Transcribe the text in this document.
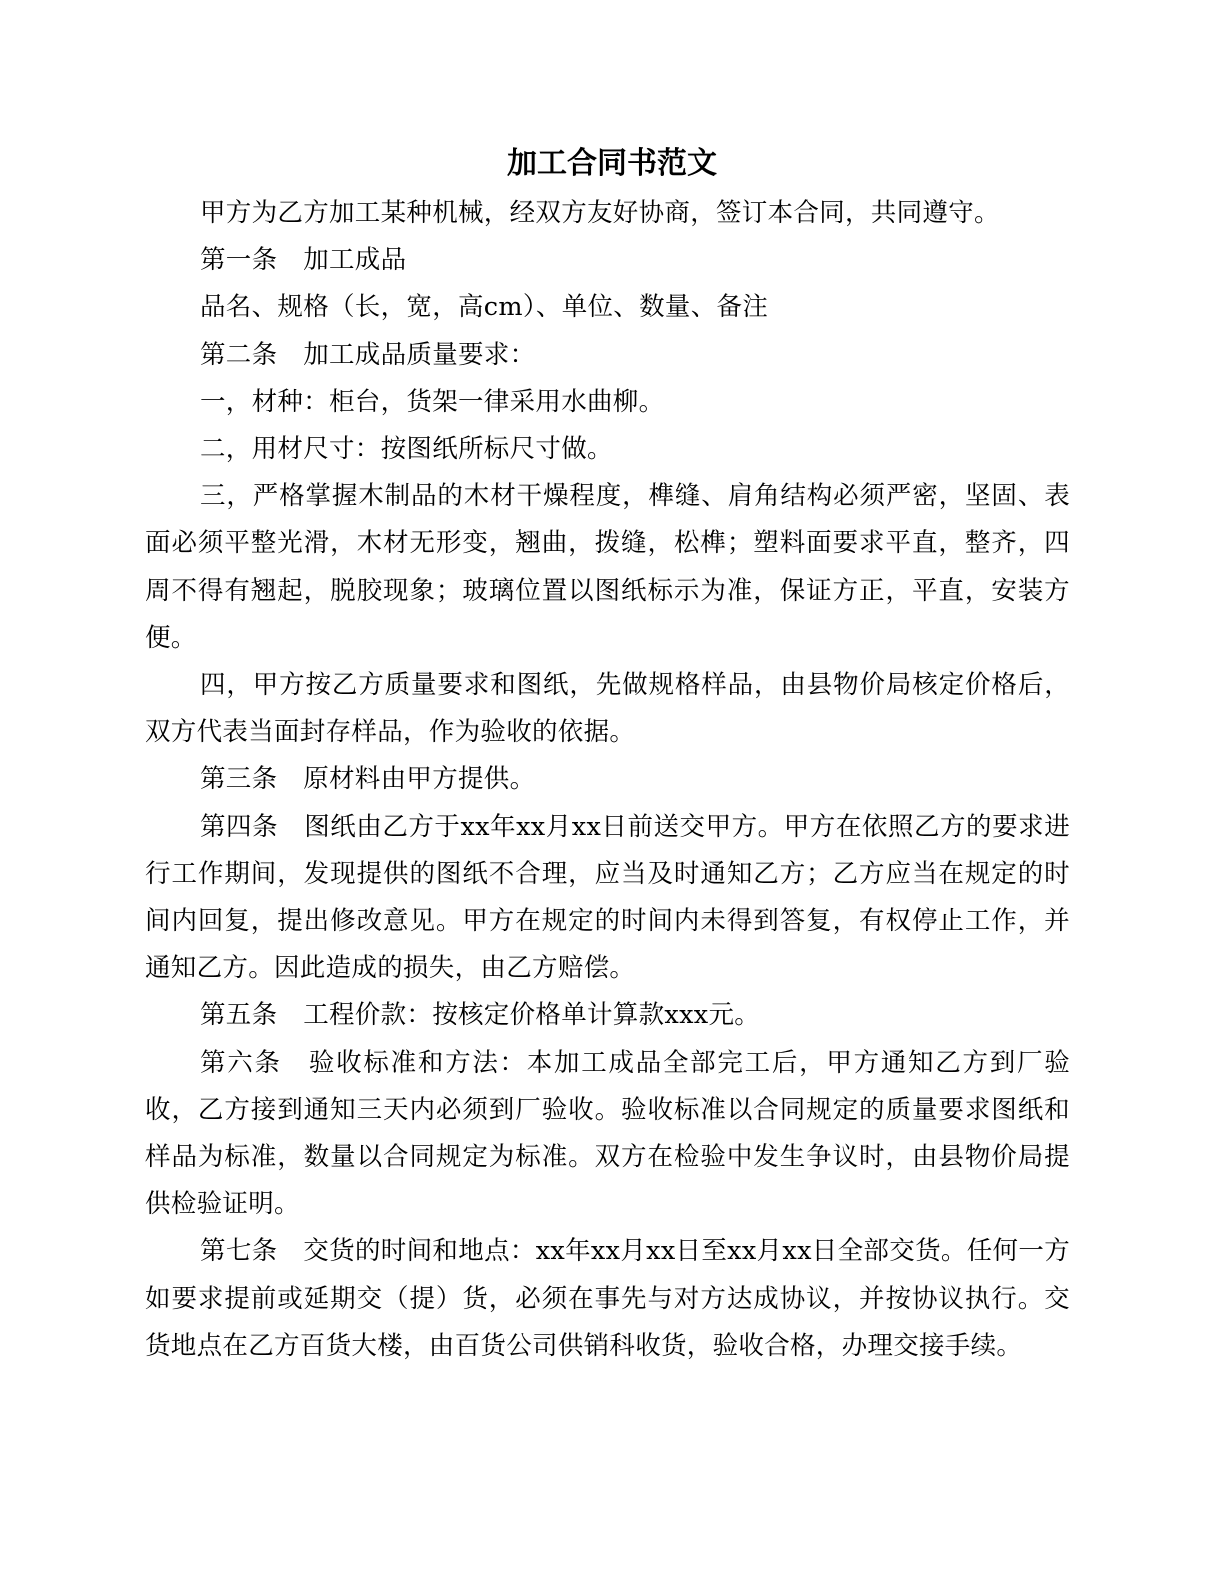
加工合同书范文

甲方为乙方加工某种机械，经双方友好协商，签订本合同，共同遵守。

第一条　加工成品

品名、规格（长，宽，高cm）、单位、数量、备注

第二条　加工成品质量要求：

一，材种：柜台，货架一律采用水曲柳。

二，用材尺寸：按图纸所标尺寸做。

三，严格掌握木制品的木材干燥程度，榫缝、肩角结构必须严密，坚固、表面必须平整光滑，木材无形变，翘曲，拨缝，松榫；塑料面要求平直，整齐，四周不得有翘起，脱胶现象；玻璃位置以图纸标示为准，保证方正，平直，安装方便。

四，甲方按乙方质量要求和图纸，先做规格样品，由县物价局核定价格后，双方代表当面封存样品，作为验收的依据。

第三条　原材料由甲方提供。

第四条　图纸由乙方于xx年xx月xx日前送交甲方。甲方在依照乙方的要求进行工作期间，发现提供的图纸不合理，应当及时通知乙方；乙方应当在规定的时间内回复，提出修改意见。甲方在规定的时间内未得到答复，有权停止工作，并通知乙方。因此造成的损失，由乙方赔偿。

第五条　工程价款：按核定价格单计算款xxx元。

第六条　验收标准和方法：本加工成品全部完工后，甲方通知乙方到厂验收，乙方接到通知三天内必须到厂验收。验收标准以合同规定的质量要求图纸和样品为标准，数量以合同规定为标准。双方在检验中发生争议时，由县物价局提供检验证明。

第七条　交货的时间和地点：xx年xx月xx日至xx月xx日全部交货。任何一方如要求提前或延期交（提）货，必须在事先与对方达成协议，并按协议执行。交货地点在乙方百货大楼，由百货公司供销科收货，验收合格，办理交接手续。
